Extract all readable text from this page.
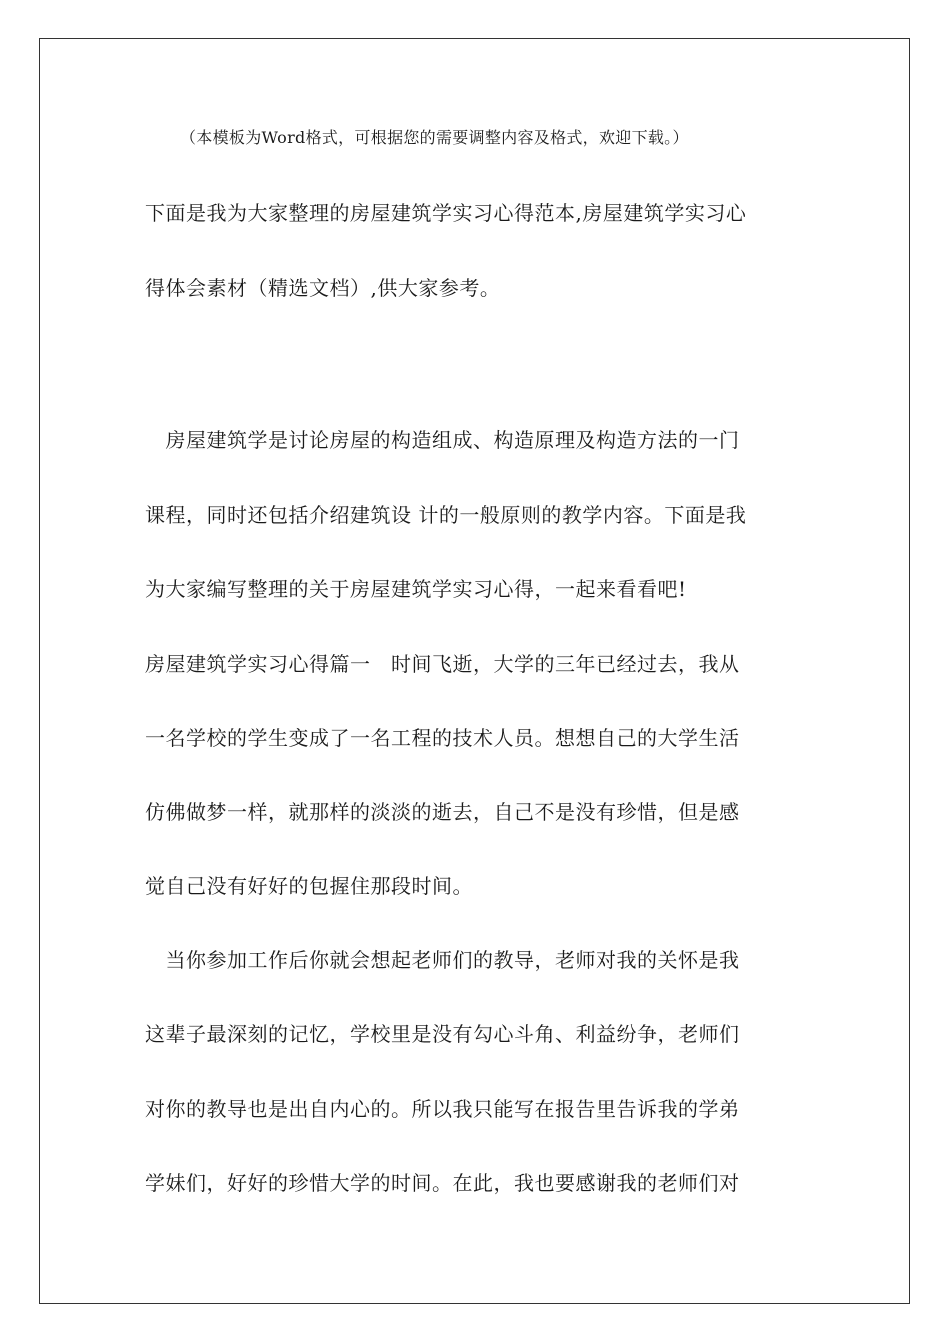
（本模板为Word格式，可根据您的需要调整内容及格式，欢迎下载。）
下面是我为大家整理的房屋建筑学实习心得范本,房屋建筑学实习心
得体会素材（精选文档）,供大家参考。
　房屋建筑学是讨论房屋的构造组成、构造原理及构造方法的一门
课程，同时还包括介绍建筑设 计的一般原则的教学内容。下面是我
为大家编写整理的关于房屋建筑学实习心得，一起来看看吧!
房屋建筑学实习心得篇一　时间飞逝，大学的三年已经过去，我从
一名学校的学生变成了一名工程的技术人员。想想自己的大学生活
仿佛做梦一样，就那样的淡淡的逝去，自己不是没有珍惜，但是感
觉自己没有好好的包握住那段时间。
　当你参加工作后你就会想起老师们的教导，老师对我的关怀是我
这辈子最深刻的记忆，学校里是没有勾心斗角、利益纷争，老师们
对你的教导也是出自内心的。所以我只能写在报告里告诉我的学弟
学妹们，好好的珍惜大学的时间。在此，我也要感谢我的老师们对
